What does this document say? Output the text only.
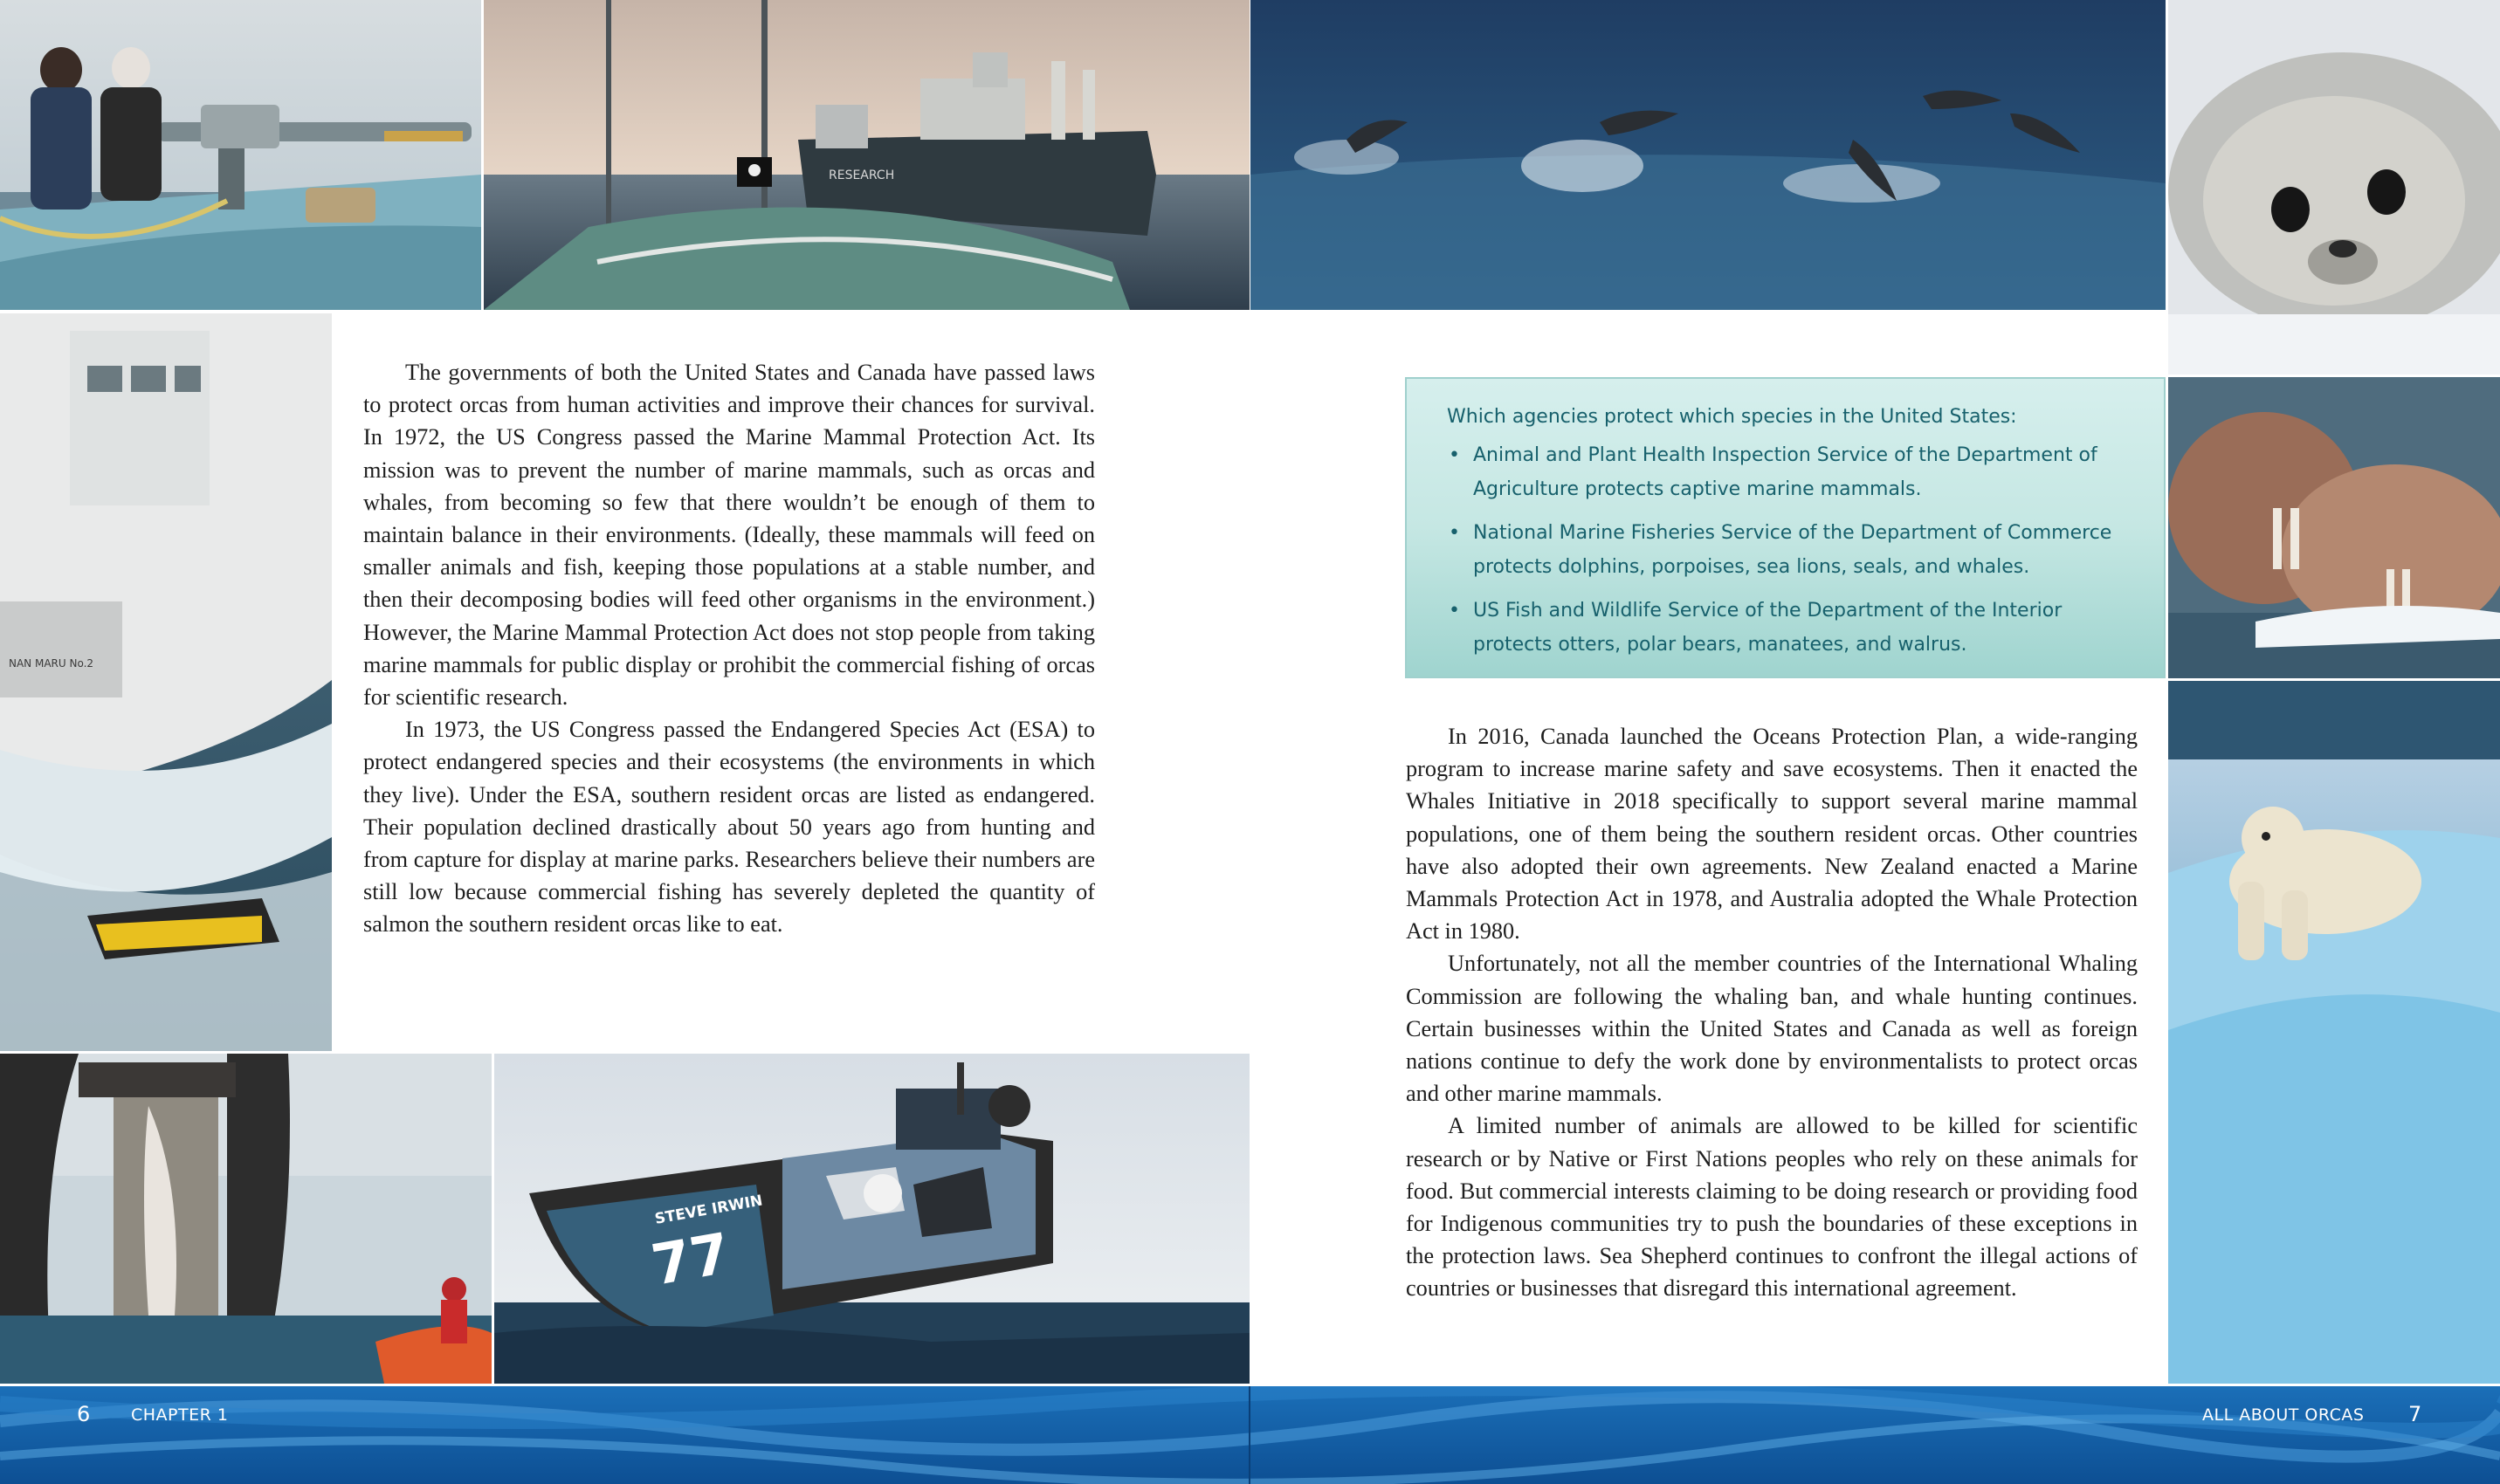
RESEARCH
NAN MARU No.2
STEVE IRWIN
77

The governments of both the United States and Canada have passed laws to protect orcas from human activities and improve their chances for survival. In 1972, the US Congress passed the Marine Mammal Protection Act. Its mission was to prevent the number of marine mammals, such as orcas and whales, from becoming so few that there wouldn’t be enough of them to maintain balance in their environments. (Ideally, these mammals will feed on smaller animals and fish, keeping those populations at a stable number, and then their decomposing bodies will feed other organisms in the environment.) However, the Marine Mammal Protection Act does not stop people from taking marine mammals for public display or prohibit the commercial fishing of orcas for scientific research.

In 1973, the US Congress passed the Endangered Species Act (ESA) to protect endangered species and their ecosystems (the environments in which they live). Under the ESA, southern resident orcas are listed as endangered. Their population declined drastically about 50 years ago from hunting and from capture for display at marine parks. Researchers believe their numbers are still low because commercial fishing has severely depleted the quantity of salmon the southern resident orcas like to eat.

Which agencies protect which species in the United States:
• Animal and Plant Health Inspection Service of the Department of Agriculture protects captive marine mammals.
• National Marine Fisheries Service of the Department of Commerce protects dolphins, porpoises, sea lions, seals, and whales.
• US Fish and Wildlife Service of the Department of the Interior protects otters, polar bears, manatees, and walrus.

In 2016, Canada launched the Oceans Protection Plan, a wide-ranging program to increase marine safety and save ecosystems. Then it enacted the Whales Initiative in 2018 specifically to support several marine mammal populations, one of them being the southern resident orcas. Other countries have also adopted their own agreements. New Zealand enacted a Marine Mammals Protection Act in 1978, and Australia adopted the Whale Protection Act in 1980.

Unfortunately, not all the member countries of the International Whaling Commission are following the whaling ban, and whale hunting continues. Certain businesses within the United States and Canada as well as foreign nations continue to defy the work done by environmentalists to protect orcas and other marine mammals.

A limited number of animals are allowed to be killed for scientific research or by Native or First Nations peoples who rely on these animals for food. But commercial interests claiming to be doing research or providing food for Indigenous communities try to push the boundaries of these exceptions in the protection laws. Sea Shepherd continues to confront the illegal actions of countries or businesses that disregard this international agreement.

6 CHAPTER 1	ALL ABOUT ORCAS 7
